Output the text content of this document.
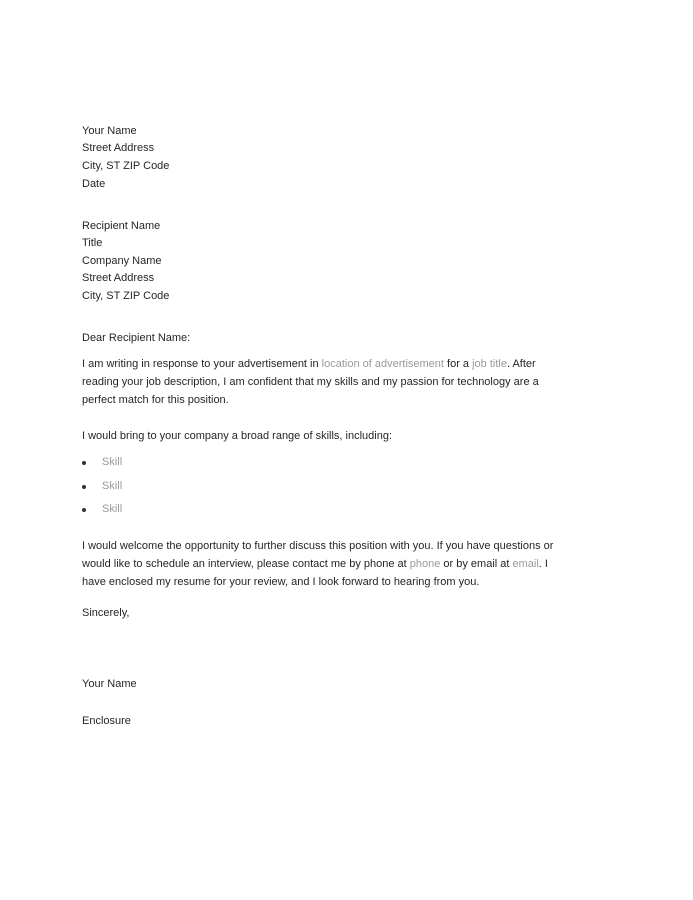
Your Name
Street Address
City, ST ZIP Code
Date
Recipient Name
Title
Company Name
Street Address
City, ST ZIP Code
Dear Recipient Name:
I am writing in response to your advertisement in location of advertisement for a job title. After
reading your job description, I am confident that my skills and my passion for technology are a
perfect match for this position.
I would bring to your company a broad range of skills, including:
Skill
Skill
Skill
I would welcome the opportunity to further discuss this position with you. If you have questions or
would like to schedule an interview, please contact me by phone at phone or by email at email. I
have enclosed my resume for your review, and I look forward to hearing from you.
Sincerely,
Your Name
Enclosure
